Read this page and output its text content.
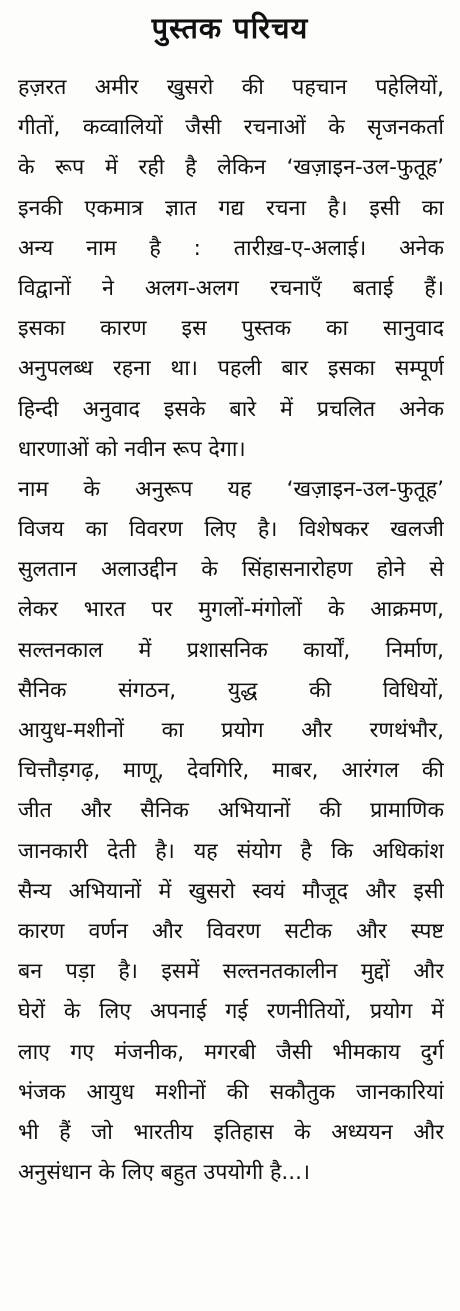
पुस्तक परिचय
हज़रत अमीर खुसरो की पहचान पहेलियों,
गीतों, कव्वालियों जैसी रचनाओं के सृजनकर्ता
के रूप में रही है लेकिन ‘खज़ाइन-उल-फुतूह’
इनकी एकमात्र ज्ञात गद्य रचना है। इसी का
अन्य नाम है : तारीख़-ए-अलाई। अनेक
विद्वानों ने अलग-अलग रचनाएँ बताई हैं।
इसका कारण इस पुस्तक का सानुवाद
अनुपलब्ध रहना था। पहली बार इसका सम्पूर्ण
हिन्दी अनुवाद इसके बारे में प्रचलित अनेक
धारणाओं को नवीन रूप देगा।
नाम के अनुरूप यह ‘खज़ाइन-उल-फुतूह’
विजय का विवरण लिए है। विशेषकर खलजी
सुलतान अलाउद्दीन के सिंहासनारोहण होने से
लेकर भारत पर मुगलों-मंगोलों के आक्रमण,
सल्तनकाल में प्रशासनिक कार्यों, निर्माण,
सैनिक संगठन, युद्ध की विधियों,
आयुध-मशीनों का प्रयोग और रणथंभौर,
चित्तौड़गढ़, माणू, देवगिरि, माबर, आरंगल की
जीत और सैनिक अभियानों की प्रामाणिक
जानकारी देती है। यह संयोग है कि अधिकांश
सैन्य अभियानों में खुसरो स्वयं मौजूद और इसी
कारण वर्णन और विवरण सटीक और स्पष्ट
बन पड़ा है। इसमें सल्तनतकालीन मुद्दों और
घेरों के लिए अपनाई गई रणनीतियों, प्रयोग में
लाए गए मंजनीक, मगरबी जैसी भीमकाय दुर्ग
भंजक आयुध मशीनों की सकौतुक जानकारियां
भी हैं जो भारतीय इतिहास के अध्ययन और
अनुसंधान के लिए बहुत उपयोगी है...।
